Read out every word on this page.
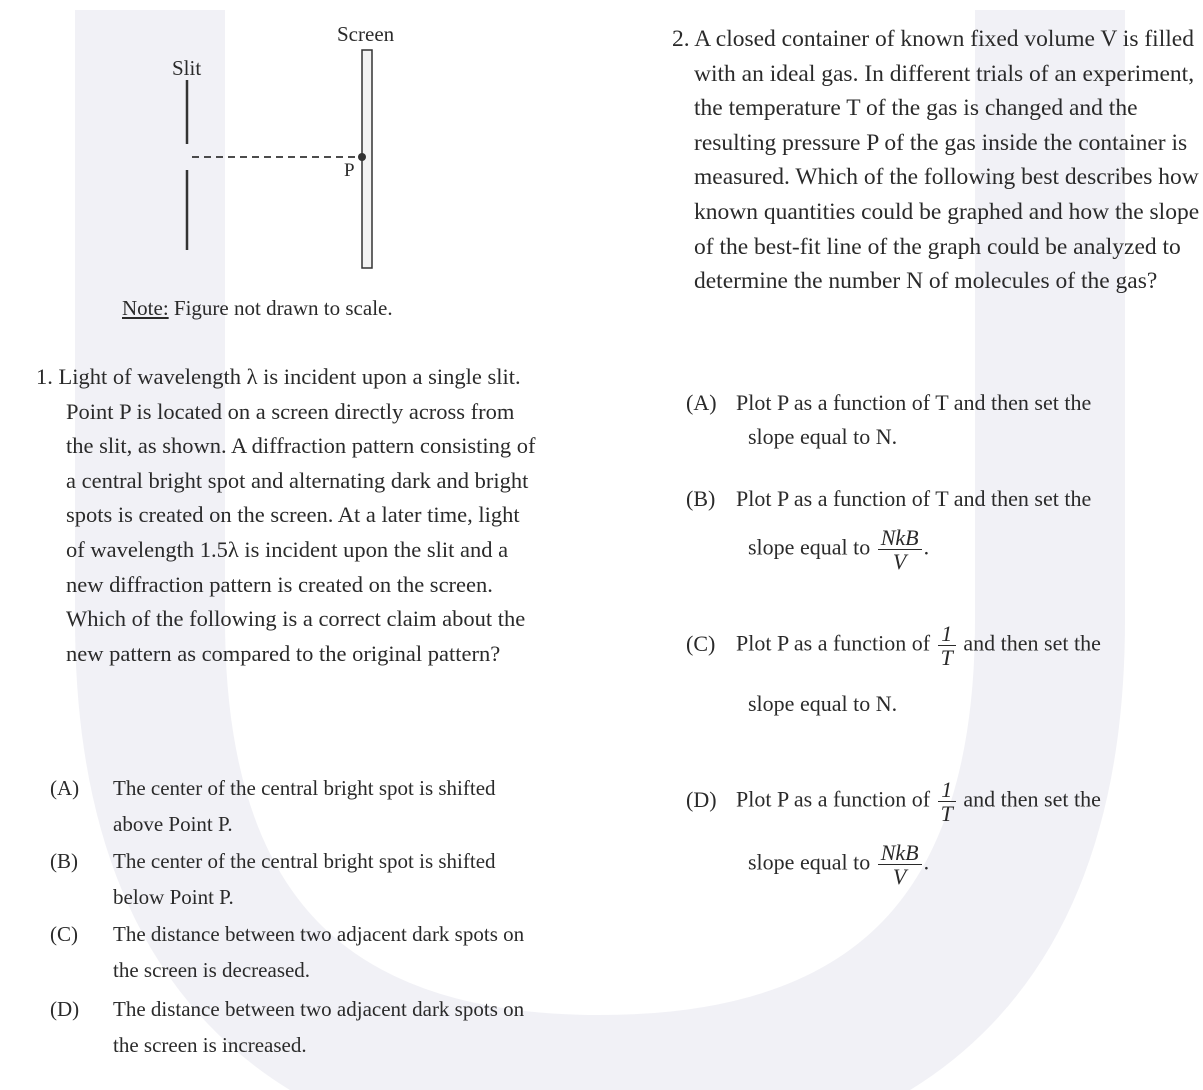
Screen
Slit
P
Note: Figure not drawn to scale.

1. Light of wavelength λ is incident upon a single slit. Point P is located on a screen directly across from the slit, as shown. A diffraction pattern consisting of a central bright spot and alternating dark and bright spots is created on the screen. At a later time, light of wavelength 1.5λ is incident upon the slit and a new diffraction pattern is created on the screen. Which of the following is a correct claim about the new pattern as compared to the original pattern?

(A) The center of the central bright spot is shifted above Point P.
(B) The center of the central bright spot is shifted below Point P.
(C) The distance between two adjacent dark spots on the screen is decreased.
(D) The distance between two adjacent dark spots on the screen is increased.

2. A closed container of known fixed volume V is filled with an ideal gas. In different trials of an experiment, the temperature T of the gas is changed and the resulting pressure P of the gas inside the container is measured. Which of the following best describes how known quantities could be graphed and how the slope of the best-fit line of the graph could be analyzed to determine the number N of molecules of the gas?

(A) Plot P as a function of T and then set the
slope equal to N.
(B) Plot P as a function of T and then set the
slope equal to $\frac{\text{NkB}}{V}$ .
(C) Plot P as a function of $\frac{1}{T}$ and then set the
slope equal to N.
(D) Plot P as a function of $\frac{1}{T}$ and then set the
slope equal to $\frac{\text{NkB}}{V}$ .
